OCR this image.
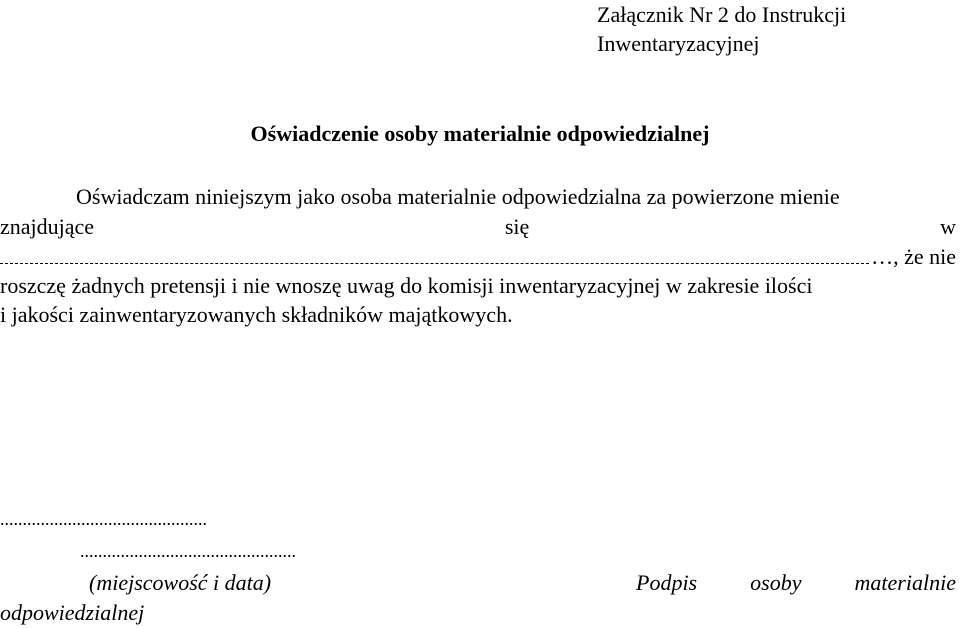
Załącznik Nr 2 do Instrukcji
Inwentaryzacyjnej
Oświadczenie osoby materialnie odpowiedzialnej
Oświadczam niniejszym jako osoba materialnie odpowiedzialna za powierzone mienie
znajdujące	się	w
…, że nie
roszczę żadnych pretensji i nie wnoszę uwag do komisji inwentaryzacyjnej w zakresie ilości
i jakości zainwentaryzowanych składników majątkowych.
..............................................
................................................
(miejscowość i data)	Podpis osoby materialnie
odpowiedzialnej
